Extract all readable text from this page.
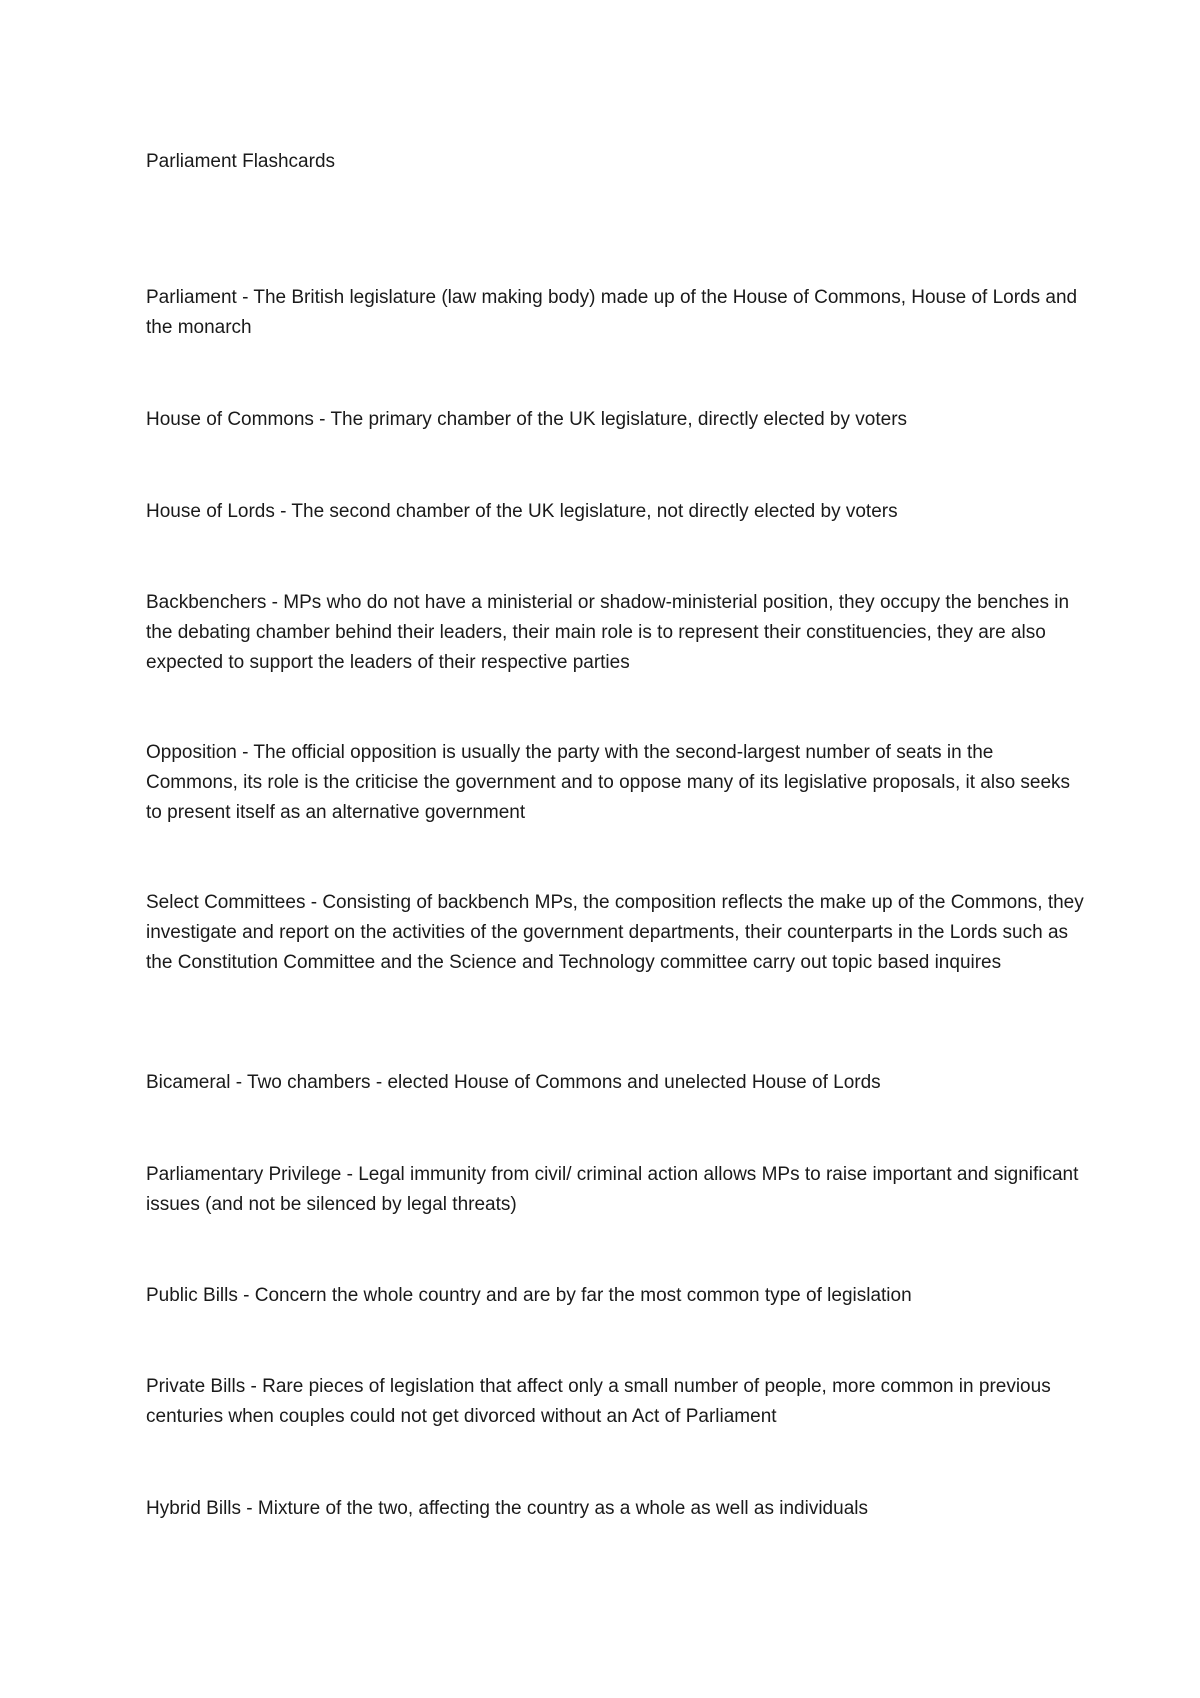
Parliament Flashcards

Parliament - The British legislature (law making body) made up of the House of Commons, House of Lords and the monarch

House of Commons - The primary chamber of the UK legislature, directly elected by voters

House of Lords - The second chamber of the UK legislature, not directly elected by voters

Backbenchers - MPs who do not have a ministerial or shadow-ministerial position, they occupy the benches in the debating chamber behind their leaders, their main role is to represent their constituencies, they are also expected to support the leaders of their respective parties

Opposition - The official opposition is usually the party with the second-largest number of seats in the Commons, its role is the criticise the government and to oppose many of its legislative proposals, it also seeks to present itself as an alternative government

Select Committees - Consisting of backbench MPs, the composition reflects the make up of the Commons, they investigate and report on the activities of the government departments, their counterparts in the Lords such as the Constitution Committee and the Science and Technology committee carry out topic based inquires

Bicameral - Two chambers - elected House of Commons and unelected House of Lords

Parliamentary Privilege - Legal immunity from civil/ criminal action allows MPs to raise important and significant issues (and not be silenced by legal threats)

Public Bills - Concern the whole country and are by far the most common type of legislation

Private Bills - Rare pieces of legislation that affect only a small number of people, more common in previous centuries when couples could not get divorced without an Act of Parliament

Hybrid Bills - Mixture of the two, affecting the country as a whole as well as individuals
